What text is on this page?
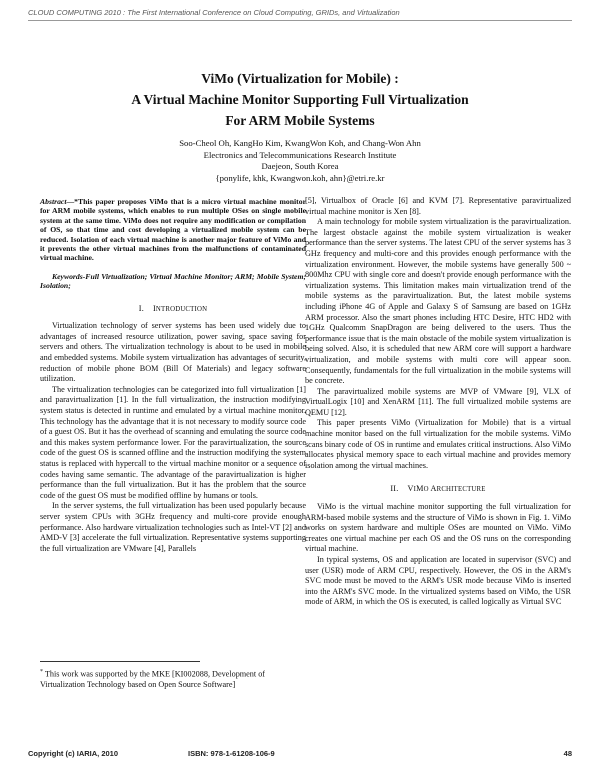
CLOUD COMPUTING 2010 : The First International Conference on Cloud Computing, GRIDs, and Virtualization
ViMo (Virtualization for Mobile) :
A Virtual Machine Monitor Supporting Full Virtualization
For ARM Mobile Systems
Soo-Cheol Oh, KangHo Kim, KwangWon Koh, and Chang-Won Ahn
Electronics and Telecommunications Research Institute
Daejeon, South Korea
{ponylife, khk, Kwangwon.koh, ahn}@etri.re.kr

Abstract—*This paper proposes ViMo that is a micro virtual machine monitor for ARM mobile systems, which enables to run multiple OSes on single mobile system at the same time. ViMo does not require any modification or compilation of OS, so that time and cost developing a virtualized mobile system can be reduced. Isolation of each virtual machine is another major feature of ViMo and it prevents the other virtual machines from the malfunctions of contaminated virtual machine.

Keywords-Full Virtualization; Virtual Machine Monitor; ARM; Mobile System; Isolation;

I. INTRODUCTION

Virtualization technology of server systems has been used widely due to advantages of increased resource utilization, power saving, space saving for servers and others. The virtualization technology is about to be used in mobile and embedded systems. Mobile system virtualization has advantages of security, reduction of mobile phone BOM (Bill Of Materials) and legacy software utilization.

The virtualization technologies can be categorized into full virtualization [1] and paravirtualization [1]. In the full virtualization, the instruction modifying system status is detected in runtime and emulated by a virtual machine monitor. This technology has the advantage that it is not necessary to modify source code of a guest OS. But it has the overhead of scanning and emulating the source code and this makes system performance lower. For the paravirtualization, the source code of the guest OS is scanned offline and the instruction modifying the system status is replaced with hypercall to the virtual machine monitor or a sequence of codes having same semantic. The advantage of the paravirtualization is higher performance than the full virtualization. But it has the problem that the source code of the guest OS must be modified offline by humans or tools.

In the server systems, the full virtualization has been used popularly because server system CPUs with 3GHz frequency and multi-core provide enough performance. Also hardware virtualization technologies such as Intel-VT [2] and AMD-V [3] accelerate the full virtualization. Representative systems supporting the full virtualization are VMware [4], Parallels

* This work was supported by the MKE [KI002088, Development of Virtualization Technology based on Open Source Software]

[5], Virtualbox of Oracle [6] and KVM [7]. Representative paravirtualized virtual machine monitor is Xen [8].

A main technology for mobile system virtualization is the paravirtualization. The largest obstacle against the mobile system virtualization is weaker performance than the server systems. The latest CPU of the server systems has 3 GHz frequency and multi-core and this provides enough performance with the virtualization environment. However, the mobile systems have generally 500 ~ 800Mhz CPU with single core and doesn't provide enough performance with the virtualization systems. This limitation makes main virtualization trend of the mobile systems as the paravirtualization. But, the latest mobile systems including iPhone 4G of Apple and Galaxy S of Samsung are based on 1GHz ARM processor. Also the smart phones including HTC Desire, HTC HD2 with 1GHz Qualcomm SnapDragon are being delivered to the users. Thus the performance issue that is the main obstacle of the mobile system virtualization is being solved. Also, it is scheduled that new ARM core will support a hardware virtualization, and mobile systems with multi core will appear soon. Consequently, fundamentals for the full virtualization in the mobile systems will be concrete.

The paravirtualized mobile systems are MVP of VMware [9], VLX of VirtualLogix [10] and XenARM [11]. The full virtualized mobile systems are QEMU [12].

This paper presents ViMo (Virtualization for Mobile) that is a virtual machine monitor based on the full virtualization for the mobile systems. ViMo scans binary code of OS in runtime and emulates critical instructions. Also ViMo allocates physical memory space to each virtual machine and provides memory isolation among the virtual machines.

II. VIMO ARCHITECTURE

ViMo is the virtual machine monitor supporting the full virtualization for ARM-based mobile systems and the structure of ViMo is shown in Fig. 1. ViMo works on system hardware and multiple OSes are mounted on ViMo. ViMo creates one virtual machine per each OS and the OS runs on the corresponding virtual machine.

In typical systems, OS and application are located in supervisor (SVC) and user (USR) mode of ARM CPU, respectively. However, the OS in the ARM's SVC mode must be moved to the ARM's USR mode because ViMo is inserted into the ARM's SVC mode. In the virtualized systems based on ViMo, the USR mode of ARM, in which the OS is executed, is called logically as Virtual SVC

Copyright (c) IARIA, 2010	ISBN: 978-1-61208-106-9	48
